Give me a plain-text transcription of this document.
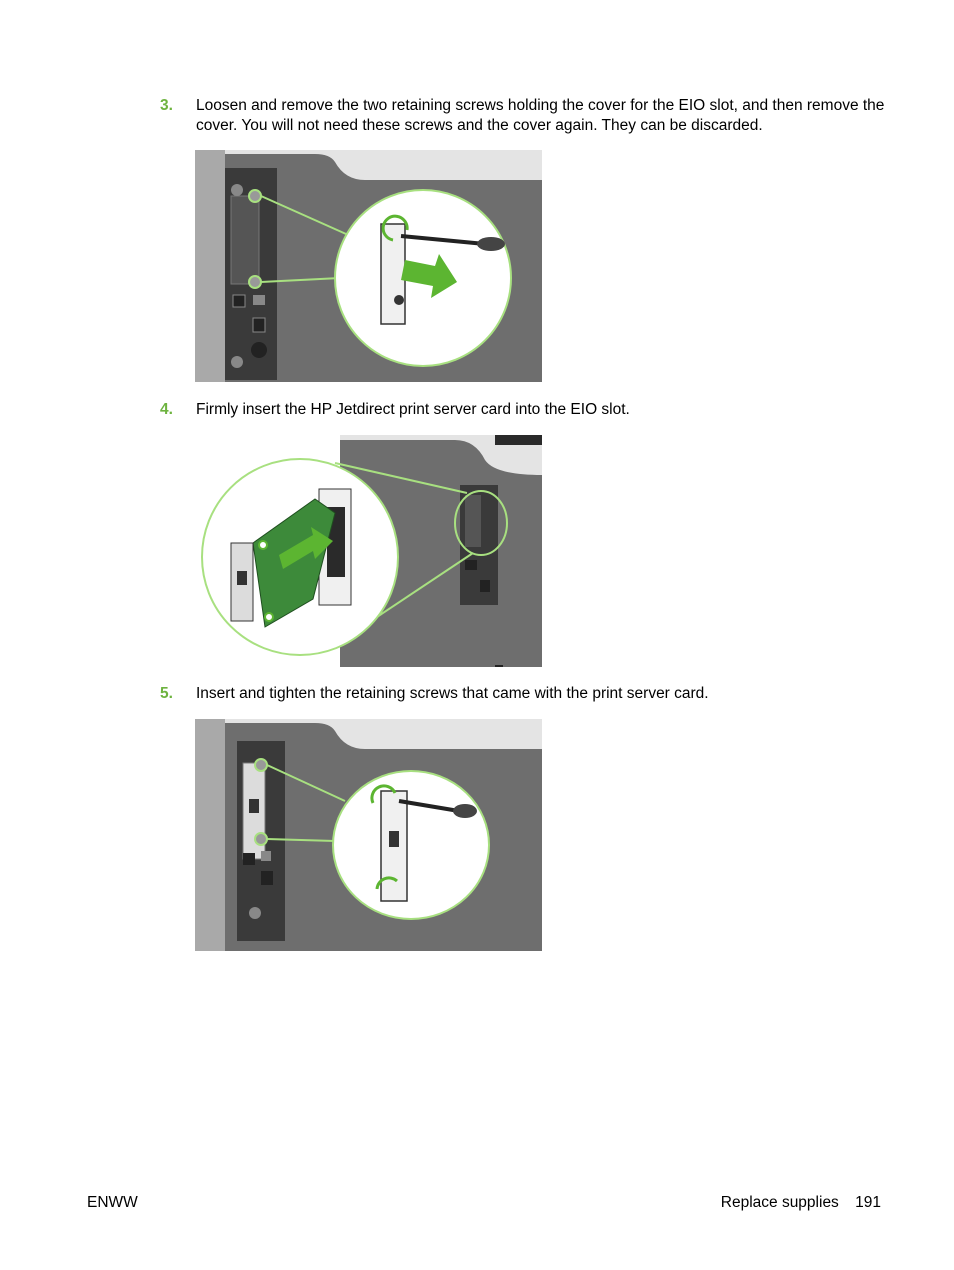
3. Loosen and remove the two retaining screws holding the cover for the EIO slot, and then remove the cover. You will not need these screws and the cover again. They can be discarded.
4. Firmly insert the HP Jetdirect print server card into the EIO slot.
5. Insert and tighten the retaining screws that came with the print server card.
ENWW	Replace supplies 191
